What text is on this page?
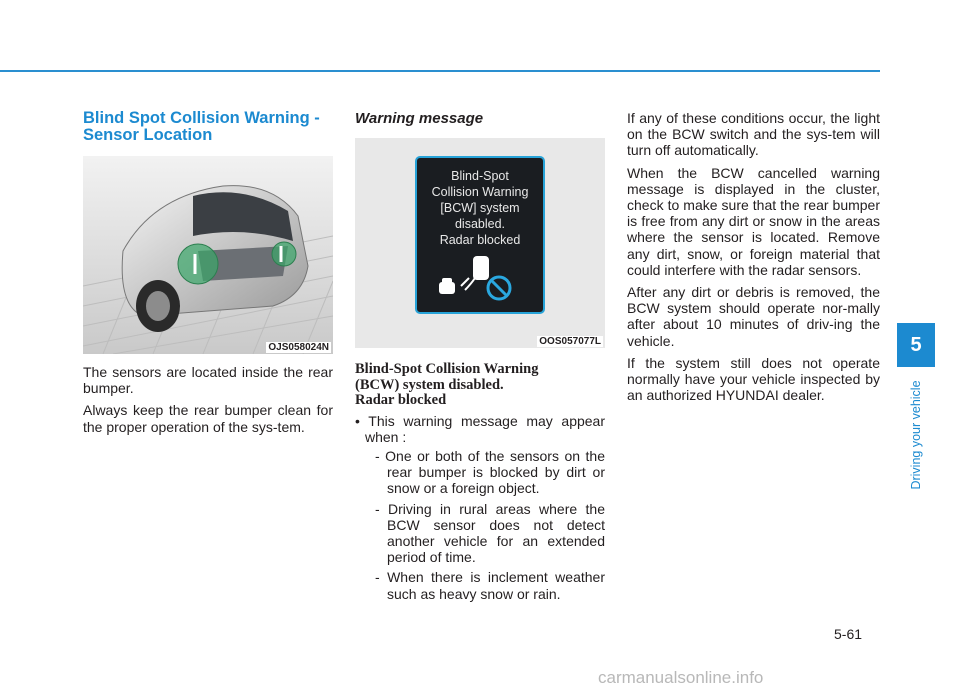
Blind Spot Collision Warning - Sensor Location
OJS058024N

The sensors are located inside the rear bumper.

Always keep the rear bumper clean for the proper operation of the sys-tem.

Warning message
Blind-Spot
Collision Warning
[BCW] system
disabled.
Radar blocked
OOS057077L
Blind-Spot Collision Warning
(BCW) system disabled.
Radar blocked
• This warning message may appear when :
- One or both of the sensors on the rear bumper is blocked by dirt or snow or a foreign object.
- Driving in rural areas where the BCW sensor does not detect another vehicle for an extended period of time.
- When there is inclement weather such as heavy snow or rain.

If any of these conditions occur, the light on the BCW switch and the sys-tem will turn off automatically.

When the BCW cancelled warning message is displayed in the cluster, check to make sure that the rear bumper is free from any dirt or snow in the areas where the sensor is located. Remove any dirt, snow, or foreign material that could interfere with the radar sensors.

After any dirt or debris is removed, the BCW system should operate nor-mally after about 10 minutes of driv-ing the vehicle.

If the system still does not operate normally have your vehicle inspected by an authorized HYUNDAI dealer.

5
Driving your vehicle
5-61
carmanualsonline.info
